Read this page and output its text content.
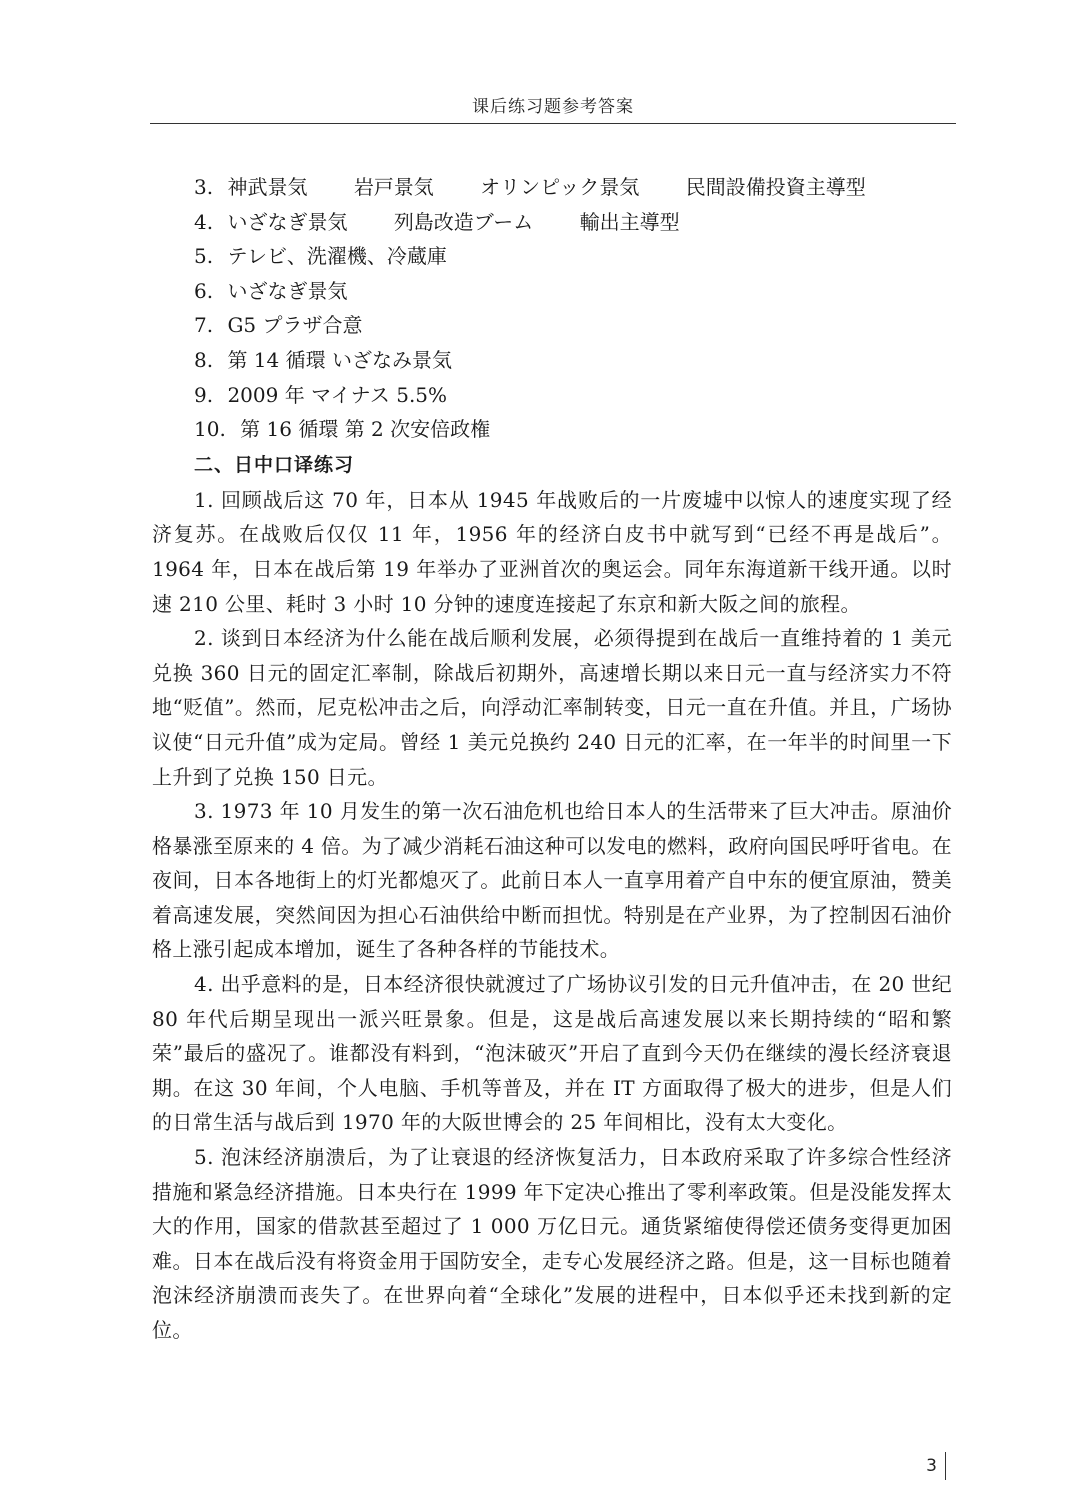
课后练习题参考答案
3. 神武景気 岩戸景気 オリンピック景気 民間設備投資主導型
4. いざなぎ景気 列島改造ブーム 輸出主導型
5. テレビ、洗濯機、冷蔵庫
6. いざなぎ景気
7. G5 プラザ合意
8. 第 14 循環 いざなみ景気
9. 2009 年 マイナス 5.5%
10. 第 16 循環 第 2 次安倍政権
二、日中口译练习

1. 回顾战后这 70 年，日本从 1945 年战败后的一片废墟中以惊人的速度实现了经济复苏。在战败后仅仅 11 年，1956 年的经济白皮书中就写到“已经不再是战后”。1964 年，日本在战后第 19 年举办了亚洲首次的奥运会。同年东海道新干线开通。以时速 210 公里、耗时 3 小时 10 分钟的速度连接起了东京和新大阪之间的旅程。

2. 谈到日本经济为什么能在战后顺利发展，必须得提到在战后一直维持着的 1 美元兑换 360 日元的固定汇率制，除战后初期外，高速增长期以来日元一直与经济实力不符地“贬值”。然而，尼克松冲击之后，向浮动汇率制转变，日元一直在升值。并且，广场协议使“日元升值”成为定局。曾经 1 美元兑换约 240 日元的汇率，在一年半的时间里一下上升到了兑换 150 日元。

3. 1973 年 10 月发生的第一次石油危机也给日本人的生活带来了巨大冲击。原油价格暴涨至原来的 4 倍。为了减少消耗石油这种可以发电的燃料，政府向国民呼吁省电。在夜间，日本各地街上的灯光都熄灭了。此前日本人一直享用着产自中东的便宜原油，赞美着高速发展，突然间因为担心石油供给中断而担忧。特别是在产业界，为了控制因石油价格上涨引起成本增加，诞生了各种各样的节能技术。

4. 出乎意料的是，日本经济很快就渡过了广场协议引发的日元升值冲击，在 20 世纪 80 年代后期呈现出一派兴旺景象。但是，这是战后高速发展以来长期持续的“昭和繁荣”最后的盛况了。谁都没有料到，“泡沫破灭”开启了直到今天仍在继续的漫长经济衰退期。在这 30 年间，个人电脑、手机等普及，并在 IT 方面取得了极大的进步，但是人们的日常生活与战后到 1970 年的大阪世博会的 25 年间相比，没有太大变化。

5. 泡沫经济崩溃后，为了让衰退的经济恢复活力，日本政府采取了许多综合性经济措施和紧急经济措施。日本央行在 1999 年下定决心推出了零利率政策。但是没能发挥太大的作用，国家的借款甚至超过了 1 000 万亿日元。通货紧缩使得偿还债务变得更加困难。日本在战后没有将资金用于国防安全，走专心发展经济之路。但是，这一目标也随着泡沫经济崩溃而丧失了。在世界向着“全球化”发展的进程中，日本似乎还未找到新的定位。

3
